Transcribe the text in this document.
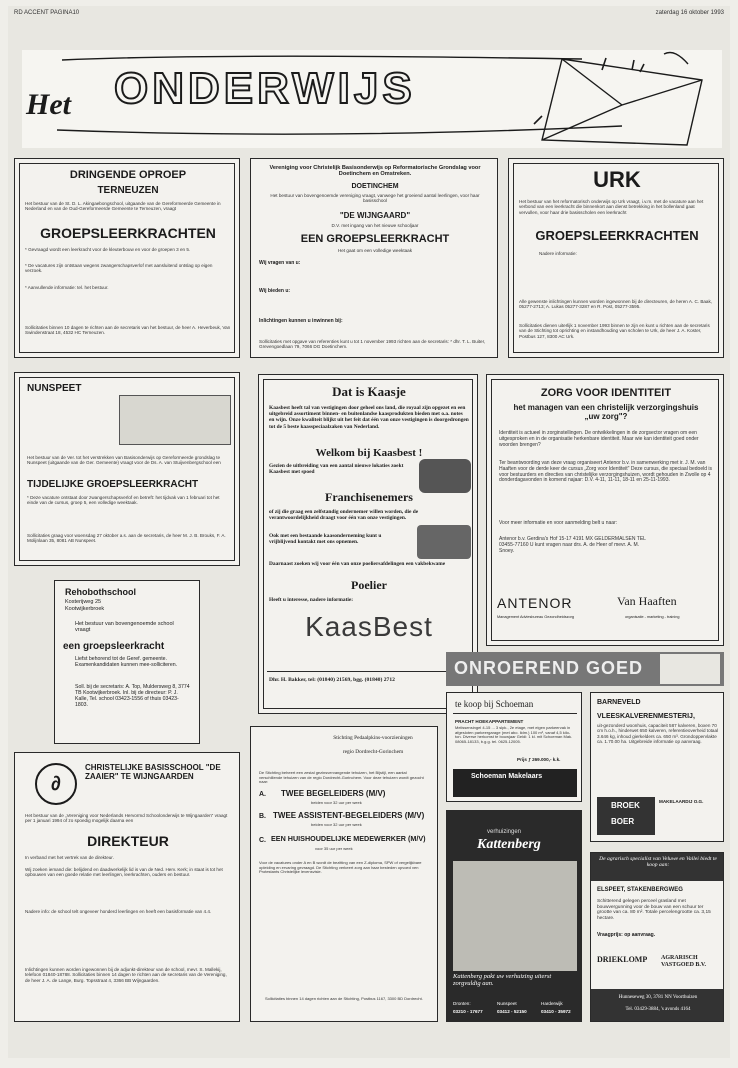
RD ACCENT PAGINA10	zaterdag 16 oktober 1993
Het ONDERWIJS
DRINGENDE OPROEP
TERNEUZEN
Het bestuur van de St. D. L. Akingaebongschool, uitgaande van de Gereformeerde Gemeente in Nederland en van de Oud-Gereformeerde Gemeente te Terneuzen, vraagt
GROEPSLEERKRACHTEN
* Gevraagd wordt een leerkracht voor de kleuterbouw en voor de groepen 3 en 5.
* De vacatures zijn ontstaan wegens zwangerschapsverlof met aansluitend ontslag op eigen verzoek.
* Aanvullende informatie: tel. het bestuur.
Sollicitaties binnen 10 dagen te richten aan de secretaris van het bestuur, de heer A. Heverbeuk, Van Swindenstraat 18, 4532 HC Terneuzen.
Vereniging voor Christelijk Basisonderwijs op Reformatorische Grondslag voor Doetinchem en Omstreken.
DOETINCHEM
Het bestuur van bovengenoemde vereniging vraagt, vanwege het groeiend aantal leerlingen, voor haar basisschool
"DE WIJNGAARD"
D.V. met ingang van het nieuwe schooljaar
EEN GROEPSLEERKRACHT
Het gaat om een volledige weektaak
Wij vragen van u:
Wij bieden u:
Inlichtingen kunnen u inwinnen bij:
Sollicitaties met opgave van referenties kunt u tot 1 november 1993 richten aan de secretaris: * dhr. T. L. Buiter, Grevengoedlaan 79, 7066 DG Doetinchem.
URK
Het bestuur van het reformatorisch onderwijs op Urk vraagt, i.v.m. met de vacature aan het verbond van een leerkracht die binnenkort aan dienst betrekking in het bollenland gaat vervullen, voor haar drie basisscholen een leerkracht
GROEPSLEERKRACHTEN
Nadere informatie:
Alle gewenste inlichtingen kunnen worden ingewonnen bij de directeuren, de heren A. C. Baak, 05277-2713; A. Lukas 05277-3287 en R. Post, 05277-3595.
Sollicitaties dienen uiterlijk 1 november 1993 binnen te zijn en kunt u richten aan de secretaris van de Stichting tot oprichting en instandhouding van scholen te Urk, de heer J. A. Koster, Postbus 127, 8300 AC Urk.
NUNSPEET
Het bestuur van de Ver. tot het verstrekken van Basisonderwijs op Gereformeerde grondslag te Nunspeet (uitgaande van de Ger. Gemeente) vraagt voor de Ds. A. van Stuijvenbergschool een
TIJDELIJKE GROEPSLEERKRACHT
* Deze vacature ontstaat door zwangerschapsverlof en betreft: het tijdvak van 1 februari tot het einde van de cursus, groep 5, een volledige weektaak.
Sollicitaties graag voor woensdag 27 oktober a.s. aan de secretaris, de heer M. J. B. Brouks, F. A. Molijnlaan 35, 8081 AB Nunspeet.
Rehobothschool
Kosterijweg 25
Kootwijkerbroek
Het bestuur van bovengenoemde school vraagt
een groepsleerkracht
Liefst behorend tot de Geref. gemeente. Examenkandidaten kunnen mee-solliciteren.
Soll. bij de secretaris: A. Top, Muldersweg 8, 3774 TB Kootwijkerbroek. Inl. bij de directeur: P. J. Kalle, Tel. school 03423-1556 of thuis 03423-1803.
Dat is Kaasje
Kaasbest heeft tal van vestigingen door geheel ons land, die royaal zijn opgezet en een uitgebreid assortiment binnen- en buitenlandse kaasprodukten bieden met o.a. notes en wijn. Onze kwaliteit blijkt uit het feit dat één van onze vestigingen is doorgedrongen tot de 5 beste kaasspeciaalzaken van Nederland.
Welkom bij Kaasbest !
Gezien de uitbreiding van een aantal nieuwe lokaties zoekt Kaasbest met spoed
Franchisenemers
of zij die graag een zelfstandig ondernemer willen worden, die de verantwoordelijkheid draagt voor één van onze vestigingen.
Ook met een bestaande kaasonderneming kunt u vrijblijvend kontakt met ons opnemen.
Daarnaast zoeken wij voor één van onze poeliersafdelingen een vakbekwame
Poelier
Heeft u interesse, nadere informatie:
KaasBest
Dhr. H. Bakker, tel: (01840) 21569, bgg. (01840) 2712
ZORG VOOR IDENTITEIT
het managen van een christelijk verzorgingshuis „uw zorg"?
Identiteit is actueel in zorginstellingen. De ontwikkelingen in de zorgsector vragen om een uitgesproken en in de organisatie herkenbare identiteit. Maar wie kan identiteit goed onder woorden brengen?
Ter beantwoording van deze vraag organiseert Antenor b.v. in samenwerking met ir. J. M. van Haaften voor de derde keer de cursus „Zorg voor Identiteit" Deze cursus, die speciaal bedoeld is voor bestuurders en directies van christelijke verzorgingshuizen, wordt gehouden in Zwolle op 4 donderdagavonden in komend najaar: D.V. 4-11, 11-11, 18-11 en 25-11-1993.
Voor meer informatie en voor aanmelding belt u naar:
Antenor b.v. Gerdina's Hof 15-17 4191 MX GELDERMALSEN TEL 03455-77160 U kunt vragen naar drs. A. de Heer of mevr. A. M. Snoey.
ANTENOR	Van Haaften
Management Adviesbureau Gezondheidszorg	organisatie - marketing - training
ONROEREND GOED
te koop bij Schoeman
PRACHT HOEKAPPARTEMENT
Melissensingel 4-15 ... 3 slpk., 2e etage, met eigen parkeervak in afgesloten parkeergarage (met abo. lidm.) 100 m², vanaf 4,5 kilo- ton. Diverse herkomst te bouwjaar Geldi: 1 kl. mit Schoeman Mak. 08065-18133, b.g.g. tel. 0625-12005.
Prijs ƒ 269.000,- k.k.
Schoeman Makelaars
BARNEVELD
VLEESKALVERENMESTERIJ,
uit-gezonderd woonhuis, capaciteit 587 kalveren, boxen 70 cm h.o.h., hinderwet 650 kalveren, referentieoverheid totaal 3.646 kg, inhoud gierkelders ca. 650 m³. Grondoppervlakte ca. 1.70.00 ha. Uitgebreide informatie op aanvraag.
BROEK
BOER
MAKELAARDIJ O.G.
∂
CHRISTELIJKE BASISSCHOOL "DE ZAAIER" TE WIJNGAARDEN
Het bestuur van de „Vereniging voor Nederlands Hervormd Schoolonderwijs te Wijngaarden" vraagt per 1 januari 1994 of zo spoedig mogelijk daarna een
DIREKTEUR
In verband met het vertrek van de direkteur.
Wij zoeken iemand die: belijdend en daadwerkelijk lid is van de Ned. Herv. Kerk; in staat is tot het opbouwen van een goede relatie met leerlingen, leerkrachten, ouders en bestuur.
Nadere info: de school telt ongeveer honderd leerlingen en heeft een basisformatie van 4.4.
Inlichtingen kunnen worden ingewonnen bij de adjunkt-direkteur van de school, mevr. S. Mallekij, telefoon 01840-18788. Sollicitaties binnen 14 dagen te richten aan de secretaris van de Vereniging, de heer J. A. de Lange, Burg. Topsstraat 4, 3366 BB Wijngaarden.
Stichting Pedaalpkins-voorzieningen
regio Dordrecht-Gorinchem
De Stichting beheert een zestal gezinsvervangende tehuizen, het Bijstijl, een aantal verschillende tehuizen van de regio Dordrecht-Gorinchem. Voor deze tehuizen wordt gezocht naar:
A. TWEE BEGELEIDERS (M/V)
beiden voor 32 uur per week
B. TWEE ASSISTENT-BEGELEIDERS (M/V)
beiden voor 32 uur per week
C. EEN HUISHOUDELIJKE MEDEWERKER (M/V)
voor 35 uur per week
Voor de vacatures onder A en B wordt de bezitting van een Z-diploma, SPW of vergelijkbare opleiding en ervaring gevraagd. De Stichting verkeert zorg aan haar besteden opvoed ven Protestants Christelijke levensvisie.
Sollicitaties binnen 14 dagen richten aan de Stichting, Postbus 1167, 3300 BD Dordrecht.
verhuizingen
Kattenberg
Kattenberg pakt uw verhuizing uiterst zorgvuldig aan.
Dronten:	Nunspeet	Harderwijk
03210 - 17677	03412 - 52150	03410 - 35972
De agrarisch specialist van Veluwe en Vallei biedt te koop aan:
ELSPEET, STAKENBERGWEG
Schitterend gelegen perceel grasland met bouwvergunning voor de bouw van een schuur ter grootte van ca. 80 m². Totale percelengrootte ca. 3,15 hectare.
Vraagprijs: op aanvraag.
DRIEKLOMP AGRARISCH VASTGOED B.V.
Hunneseweg 30, 3781 NN Voorthuizen
Tel. 03429-3884, 's avonds 4164
